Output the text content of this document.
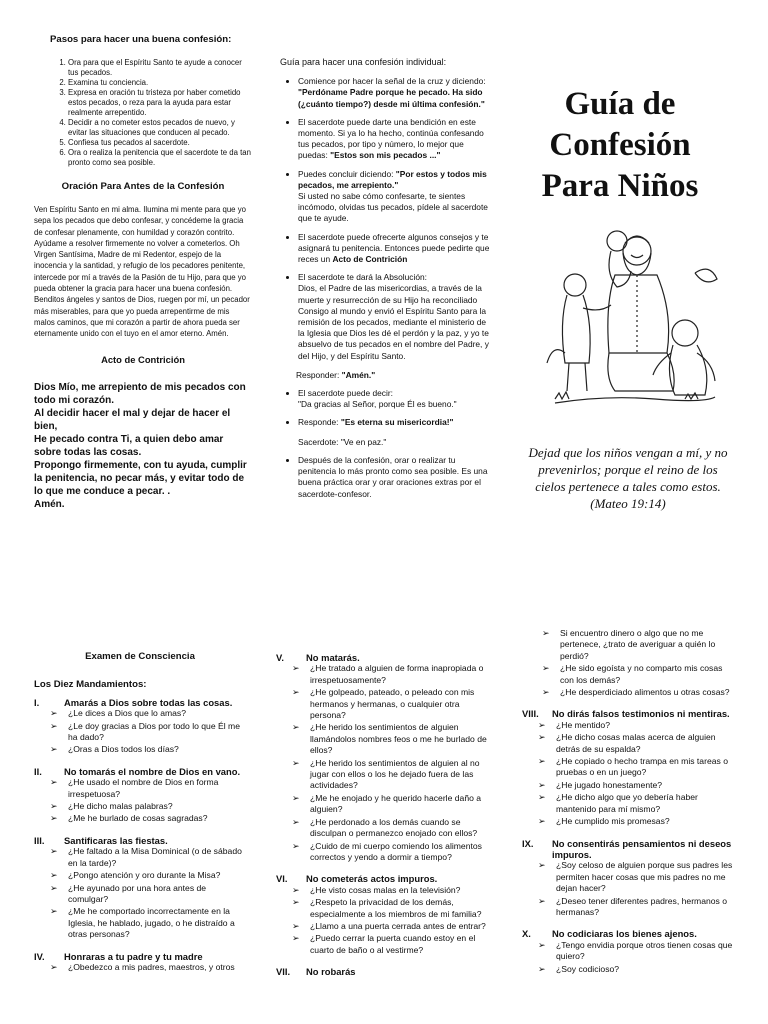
Pasos para hacer una buena confesión:
1. Ora para que el Espíritu Santo te ayude a conocer tus pecados.
2. Examina tu conciencia.
3. Expresa en oración tu tristeza por haber cometido estos pecados, o reza para la ayuda para estar realmente arrepentido.
4. Decidir a no cometer estos pecados de nuevo, y evitar las situaciones que conducen al pecado.
5. Confiesa tus pecados al sacerdote.
6. Ora o realiza la penitencia que el sacerdote te da tan pronto como sea posible.
Oración Para Antes de la Confesión
Ven Espíritu Santo en mi alma. Ilumina mi mente para que yo sepa los pecados que debo confesar, y concédeme la gracia de confesar plenamente, con humildad y corazón contrito. Ayúdame a resolver firmemente no volver a cometerlos. Oh Virgen Santísima, Madre de mi Redentor, espejo de la inocencia y la santidad, y refugio de los pecadores penitente, intercede por mí a través de la Pasión de tu Hijo, para que yo pueda obtener la gracia para hacer una buena confesión. Benditos ángeles y santos de Dios, ruegen por mí, un pecador más miserables, para que yo pueda arrepentirme de mis malos caminos, que mi corazón a partir de ahora pueda ser eternamente unido con el tuyo en el amor eterno. Amén.
Acto de Contrición
Dios Mío, me arrepiento de mis pecados con todo mi corazón.
Al decidir hacer el mal y dejar de hacer el bien,
He pecado contra Ti, a quien debo amar sobre todas las cosas.
Propongo firmemente, con tu ayuda, cumplir la penitencia, no pecar más, y evitar todo de lo que me conduce a pecar. .
Amén.
Guía para hacer una confesión individual:
• Comience por hacer la señal de la cruz y diciendo: "Perdóname Padre porque he pecado. Ha sido (¿cuánto tiempo?) desde mi última confesión."
• El sacerdote puede darte una bendición en este momento. Si ya lo ha hecho, continúa confesando tus pecados, por tipo y número, lo mejor que puedas: "Estos son mis pecados ..."
• Puedes concluir diciendo: "Por estos y todos mis pecados, me arrepiento."
Si usted no sabe cómo confesarte, te sientes incómodo, olvidas tus pecados, pídele al sacerdote que te ayude.
• El sacerdote puede ofrecerte algunos consejos y te asignará tu penitencia. Entonces puede pedirte que reces un Acto de Contrición
• El sacerdote te dará la Absolución:
Dios, el Padre de las misericordias, a través de la muerte y resurrección de su Hijo ha reconciliado Consigo al mundo y envió el Espíritu Santo para la remisión de los pecados, mediante el ministerio de la Iglesia que Dios les dé el perdón y la paz, y yo te absuelvo de tus pecados en el nombre del Padre, y del Hijo, y del Espíritu Santo.
Responder: "Amén."
• El sacerdote puede decir:
"Da gracias al Señor, porque Él es bueno."
• Responde: "Es eterna su misericordia!"
Sacerdote: "Ve en paz."
• Después de la confesión, orar o realizar tu penitencia lo más pronto como sea posible. Es una buena práctica orar y orar oraciones extras por el sacerdote-confesor.
Guía de
Confesión
Para Niños
Dejad que los niños vengan a mí, y no prevenirlos; porque el reino de los cielos pertenece a tales como estos.
(Mateo 19:14)
Examen de Consciencia
Los Diez Mandamientos:
I.	Amarás a Dios sobre todas las cosas.
➢ ¿Le dices a Dios que lo amas?
➢ ¿Le doy gracias a Dios por todo lo que Él me ha dado?
➢ ¿Oras a Dios todos los días?
II.	No tomarás el nombre de Dios en vano.
➢ ¿He usado el nombre de Dios en forma irrespetuosa?
➢ ¿He dicho malas palabras?
➢ ¿Me he burlado de cosas sagradas?
III.	Santificaras las fiestas.
➢ ¿He faltado a la Misa Dominical (o de sábado en la tarde)?
➢ ¿Pongo atención y oro durante la Misa?
➢ ¿He ayunado por una hora antes de comulgar?
➢ ¿Me he comportado incorrectamente en la Iglesia, he hablado, jugado, o he distraído a otras personas?
IV.	Honraras a tu padre y tu madre
➢ ¿Obedezco a mis padres, maestros, y otros
V.	No matarás.
➢ ¿He tratado a alguien de forma inapropiada o irrespetuosamente?
➢ ¿He golpeado, pateado, o peleado con mis hermanos y hermanas, o cualquier otra persona?
➢ ¿He herido los sentimientos de alguien llamándolos nombres feos o me he burlado de ellos?
➢ ¿He herido los sentimientos de alguien al no jugar con ellos o los he dejado fuera de las actividades?
➢ ¿Me he enojado y he querido hacerle daño a alguien?
➢ ¿He perdonado a los demás cuando se disculpan o permanezco enojado con ellos?
➢ ¿Cuido de mi cuerpo comiendo los alimentos correctos y yendo a dormir a tiempo?
VI.	No cometerás actos impuros.
➢ ¿He visto cosas malas en la televisión?
➢ ¿Respeto la privacidad de los demás, especialmente a los miembros de mi familia?
➢ ¿Llamo a una puerta cerrada antes de entrar?
➢ ¿Puedo cerrar la puerta cuando estoy en el cuarto de baño o al vestirme?
VII.	No robarás
➢ Si encuentro dinero o algo que no me pertenece, ¿trato de averiguar a quién lo perdió?
➢ ¿He sido egoísta y no comparto mis cosas con los demás?
➢ ¿He desperdiciado alimentos u otras cosas?
VIII.	No dirás falsos testimonios ni mentiras.
➢ ¿He mentido?
➢ ¿He dicho cosas malas acerca de alguien detrás de su espalda?
➢ ¿He copiado o hecho trampa en mis tareas o pruebas o en un juego?
➢ ¿He jugado honestamente?
➢ ¿He dicho algo que yo debería haber mantenido para mí mismo?
➢ ¿He cumplido mis promesas?
IX.	No consentirás pensamientos ni deseos impuros.
➢ ¿Soy celoso de alguien porque sus padres les permiten hacer cosas que mis padres no me dejan hacer?
➢ ¿Deseo tener diferentes padres, hermanos o hermanas?
X.	No codiciaras los bienes ajenos.
➢ ¿Tengo envidia porque otros tienen cosas que quiero?
➢ ¿Soy codicioso?
